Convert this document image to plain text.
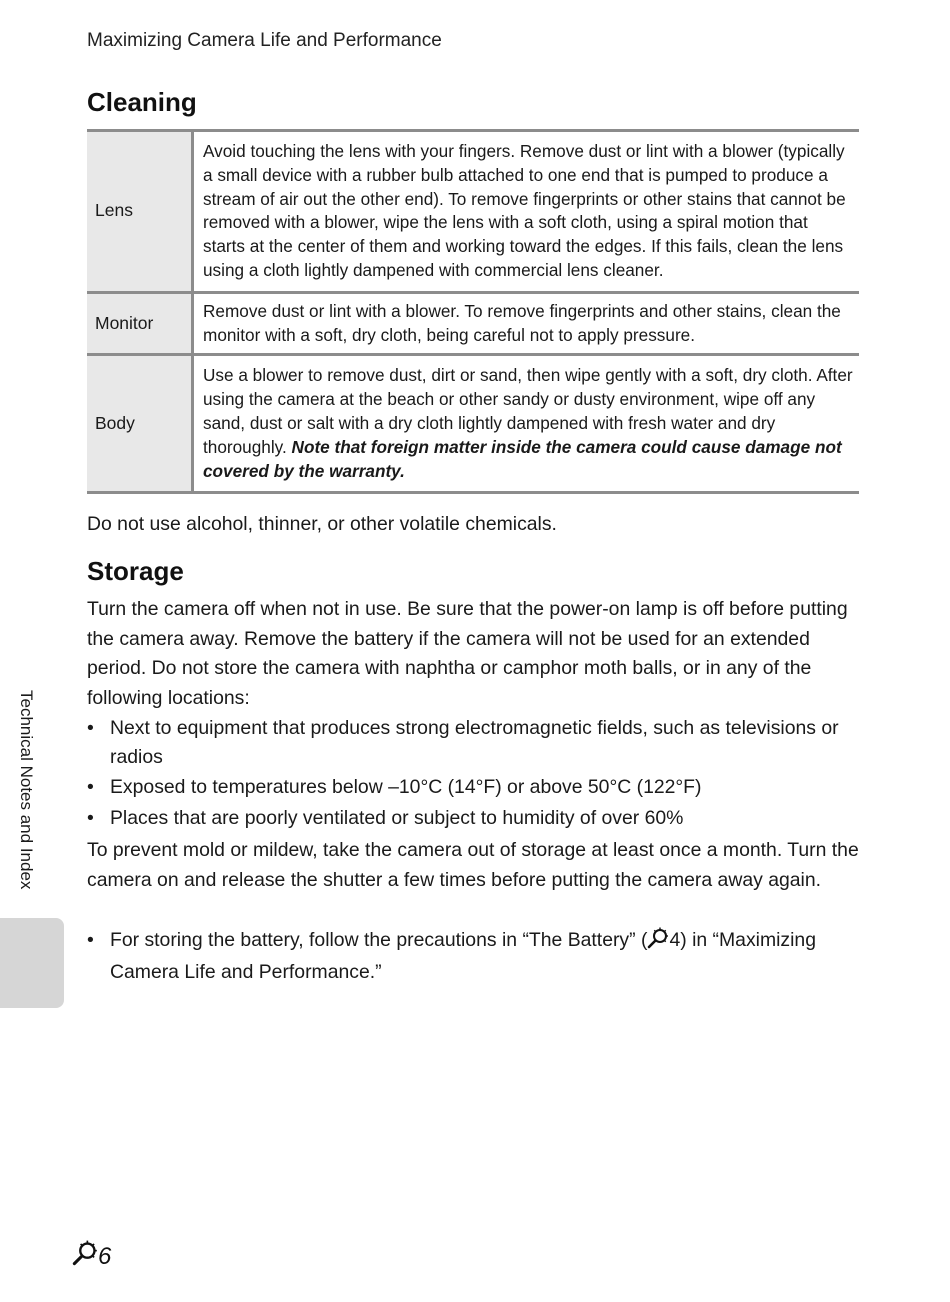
Maximizing Camera Life and Performance
Cleaning
Lens	Avoid touching the lens with your fingers. Remove dust or lint with a blower (typically a small device with a rubber bulb attached to one end that is pumped to produce a stream of air out the other end). To remove fingerprints or other stains that cannot be removed with a blower, wipe the lens with a soft cloth, using a spiral motion that starts at the center of them and working toward the edges. If this fails, clean the lens using a cloth lightly dampened with commercial lens cleaner.
Monitor	Remove dust or lint with a blower. To remove fingerprints and other stains, clean the monitor with a soft, dry cloth, being careful not to apply pressure.
Body	Use a blower to remove dust, dirt or sand, then wipe gently with a soft, dry cloth. After using the camera at the beach or other sandy or dusty environment, wipe off any sand, dust or salt with a dry cloth lightly dampened with fresh water and dry thoroughly. Note that foreign matter inside the camera could cause damage not covered by the warranty.

Do not use alcohol, thinner, or other volatile chemicals.

Storage

Turn the camera off when not in use. Be sure that the power-on lamp is off before putting the camera away. Remove the battery if the camera will not be used for an extended period. Do not store the camera with naphtha or camphor moth balls, or in any of the following locations:

• Next to equipment that produces strong electromagnetic fields, such as televisions or radios
• Exposed to temperatures below –10°C (14°F) or above 50°C (122°F)
• Places that are poorly ventilated or subject to humidity of over 60%

To prevent mold or mildew, take the camera out of storage at least once a month. Turn the camera on and release the shutter a few times before putting the camera away again.

• For storing the battery, follow the precautions in “The Battery” ( 4) in “Maximizing Camera Life and Performance.”
Technical Notes and Index
6
